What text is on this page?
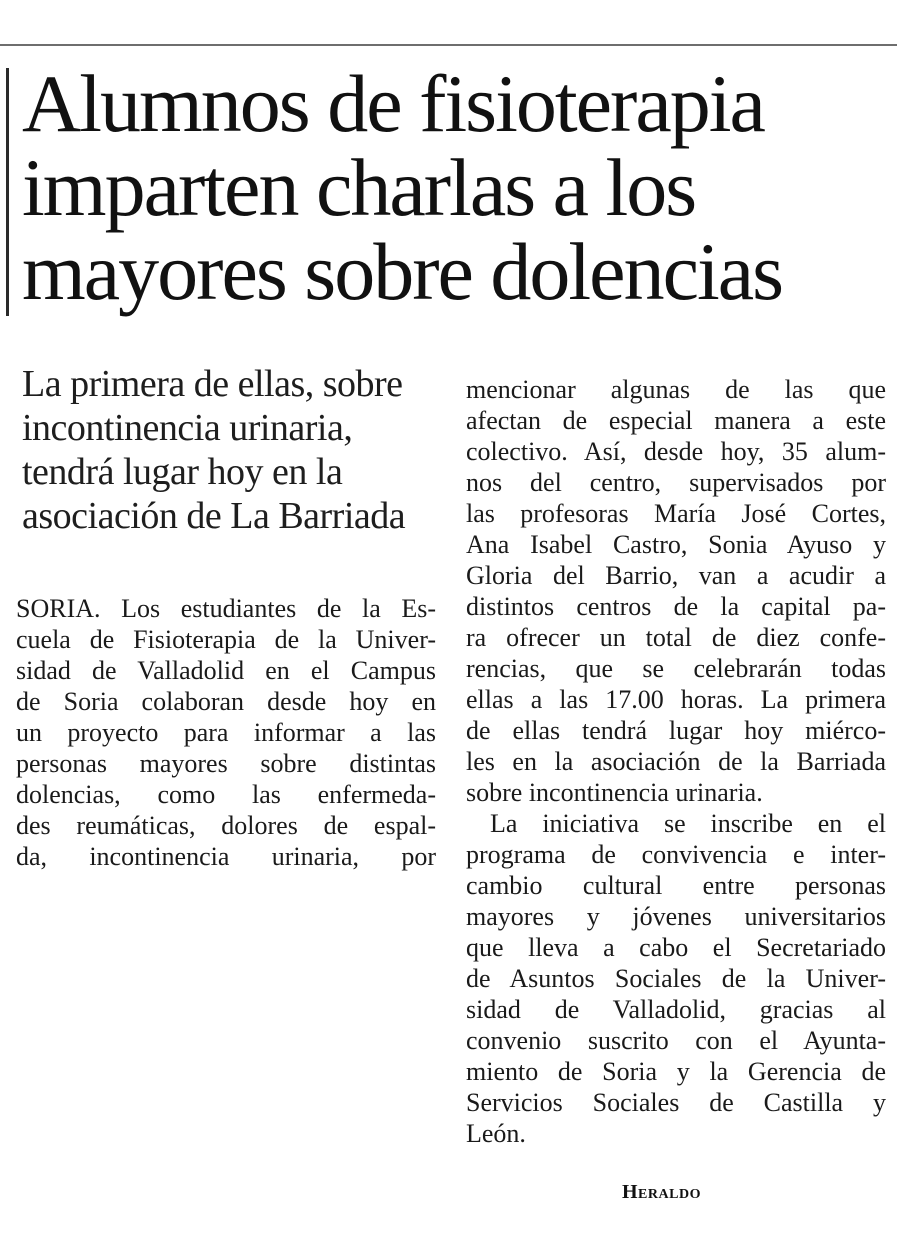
Alumnos de fisioterapia
imparten charlas a los
mayores sobre dolencias
La primera de ellas, sobre
incontinencia urinaria,
tendrá lugar hoy en la
asociación de La Barriada
SORIA. Los estudiantes de la Es-
cuela de Fisioterapia de la Univer-
sidad de Valladolid en el Campus
de Soria colaboran desde hoy en
un proyecto para informar a las
personas mayores sobre distintas
dolencias, como las enfermeda-
des reumáticas, dolores de espal-
da, incontinencia urinaria, por
mencionar algunas de las que
afectan de especial manera a este
colectivo. Así, desde hoy, 35 alum-
nos del centro, supervisados por
las profesoras María José Cortes,
Ana Isabel Castro, Sonia Ayuso y
Gloria del Barrio, van a acudir a
distintos centros de la capital pa-
ra ofrecer un total de diez confe-
rencias, que se celebrarán todas
ellas a las 17.00 horas. La primera
de ellas tendrá lugar hoy miérco-
les en la asociación de la Barriada
sobre incontinencia urinaria.
La iniciativa se inscribe en el
programa de convivencia e inter-
cambio cultural entre personas
mayores y jóvenes universitarios
que lleva a cabo el Secretariado
de Asuntos Sociales de la Univer-
sidad de Valladolid, gracias al
convenio suscrito con el Ayunta-
miento de Soria y la Gerencia de
Servicios Sociales de Castilla y
León.
Heraldo
